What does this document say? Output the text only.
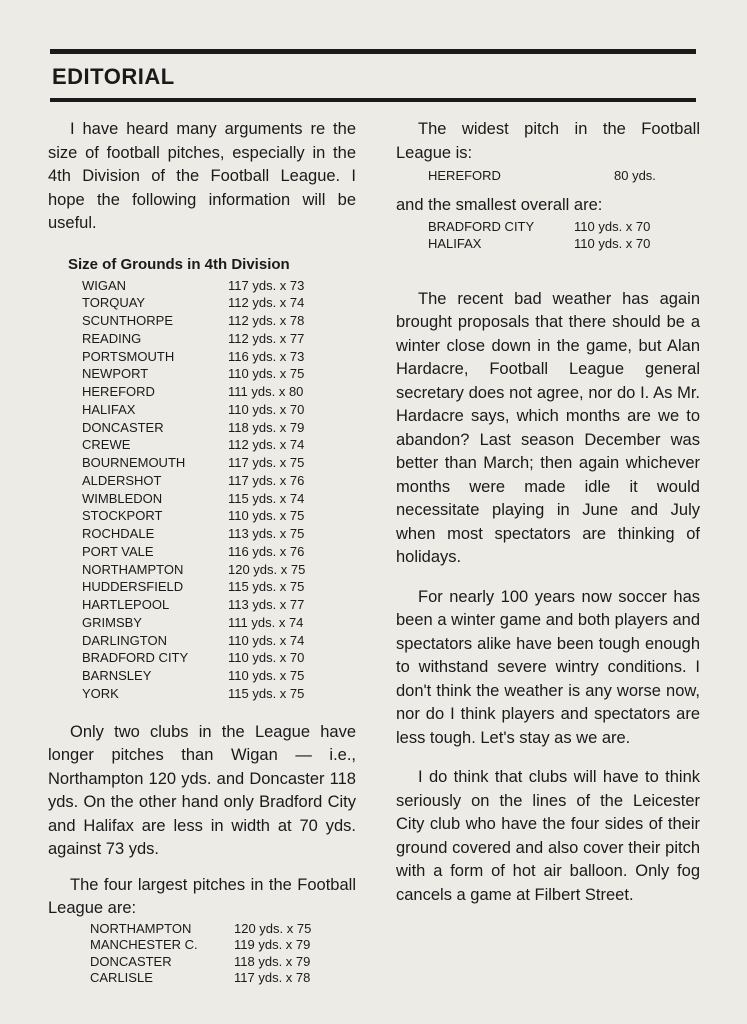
EDITORIAL

I have heard many arguments re the size of football pitches, especially in the 4th Division of the Football League. I hope the following information will be useful.

Size of Grounds in 4th Division
WIGAN	117 yds. x 73
TORQUAY	112 yds. x 74
SCUNTHORPE	112 yds. x 78
READING	112 yds. x 77
PORTSMOUTH	116 yds. x 73
NEWPORT	110 yds. x 75
HEREFORD	111 yds. x 80
HALIFAX	110 yds. x 70
DONCASTER	118 yds. x 79
CREWE	112 yds. x 74
BOURNEMOUTH	117 yds. x 75
ALDERSHOT	117 yds. x 76
WIMBLEDON	115 yds. x 74
STOCKPORT	110 yds. x 75
ROCHDALE	113 yds. x 75
PORT VALE	116 yds. x 76
NORTHAMPTON	120 yds. x 75
HUDDERSFIELD	115 yds. x 75
HARTLEPOOL	113 yds. x 77
GRIMSBY	111 yds. x 74
DARLINGTON	110 yds. x 74
BRADFORD CITY	110 yds. x 70
BARNSLEY	110 yds. x 75
YORK	115 yds. x 75

Only two clubs in the League have longer pitches than Wigan — i.e., Northampton 120 yds. and Doncaster 118 yds. On the other hand only Bradford City and Halifax are less in width at 70 yds. against 73 yds.

The four largest pitches in the Football League are:

NORTHAMPTON	120 yds. x 75
MANCHESTER C.	119 yds. x 79
DONCASTER	118 yds. x 79
CARLISLE	117 yds. x 78

The widest pitch in the Football League is:

HEREFORD	80 yds.

and the smallest overall are:

BRADFORD CITY	110 yds. x 70
HALIFAX	110 yds. x 70

The recent bad weather has again brought proposals that there should be a winter close down in the game, but Alan Hardacre, Football League general secretary does not agree, nor do I. As Mr. Hardacre says, which months are we to abandon? Last season December was better than March; then again whichever months were made idle it would necessitate playing in June and July when most spectators are thinking of holidays.

For nearly 100 years now soccer has been a winter game and both players and spectators alike have been tough enough to withstand severe wintry conditions. I don't think the weather is any worse now, nor do I think players and spectators are less tough. Let's stay as we are.

I do think that clubs will have to think seriously on the lines of the Leicester City club who have the four sides of their ground covered and also cover their pitch with a form of hot air balloon. Only fog cancels a game at Filbert Street.
